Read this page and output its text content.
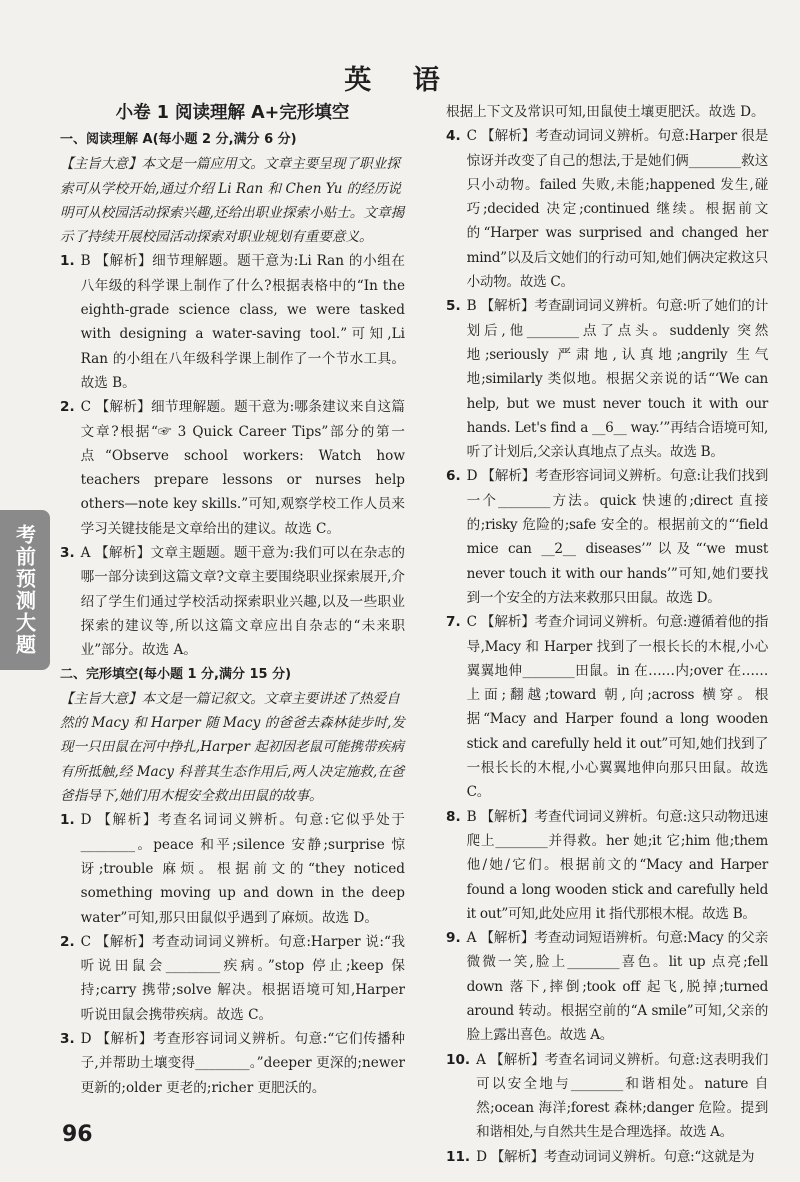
英 语
小卷 1 阅读理解 A+完形填空
一、阅读理解 A(每小题 2 分,满分 6 分)
【主旨大意】本文是一篇应用文。文章主要呈现了职业探索可从学校开始,通过介绍 Li Ran 和 Chen Yu 的经历说明可从校园活动探索兴趣,还给出职业探索小贴士。文章揭示了持续开展校园活动探索对职业规划有重要意义。
1. B 【解析】细节理解题。题干意为:Li Ran 的小组在八年级的科学课上制作了什么?根据表格中的“In the eighth-grade science class, we were tasked with designing a water-saving tool.”可知,Li Ran 的小组在八年级科学课上制作了一个节水工具。故选 B。
2. C 【解析】细节理解题。题干意为:哪条建议来自这篇文章?根据“☞ 3 Quick Career Tips”部分的第一点“Observe school workers: Watch how teachers prepare lessons or nurses help others—note key skills.”可知,观察学校工作人员来学习关键技能是文章给出的建议。故选 C。
3. A 【解析】文章主题题。题干意为:我们可以在杂志的哪一部分读到这篇文章?文章主要围绕职业探索展开,介绍了学生们通过学校活动探索职业兴趣,以及一些职业探索的建议等,所以这篇文章应出自杂志的“未来职业”部分。故选 A。
二、完形填空(每小题 1 分,满分 15 分)
【主旨大意】本文是一篇记叙文。文章主要讲述了热爱自然的 Macy 和 Harper 随 Macy 的爸爸去森林徒步时,发现一只田鼠在河中挣扎,Harper 起初因老鼠可能携带疾病有所抵触,经 Macy 科普其生态作用后,两人决定施救,在爸爸指导下,她们用木棍安全救出田鼠的故事。
1. D 【解析】考查名词词义辨析。句意:它似乎处于________。peace 和平;silence 安静;surprise 惊讶;trouble 麻烦。根据前文的“they noticed something moving up and down in the deep water”可知,那只田鼠似乎遇到了麻烦。故选 D。
2. C 【解析】考查动词词义辨析。句意:Harper 说:“我听说田鼠会________疾病。”stop 停止;keep 保持;carry 携带;solve 解决。根据语境可知,Harper 听说田鼠会携带疾病。故选 C。
3. D 【解析】考查形容词词义辨析。句意:“它们传播种子,并帮助土壤变得________。”deeper 更深的;newer 更新的;older 更老的;richer 更肥沃的。
根据上下文及常识可知,田鼠使土壤更肥沃。故选 D。
4. C 【解析】考查动词词义辨析。句意:Harper 很是惊讶并改变了自己的想法,于是她们俩________救这只小动物。failed 失败,未能;happened 发生,碰巧;decided 决定;continued 继续。根据前文的“Harper was surprised and changed her mind”以及后文她们的行动可知,她们俩决定救这只小动物。故选 C。
5. B 【解析】考查副词词义辨析。句意:听了她们的计划后,他________点了点头。suddenly 突然地;seriously 严肃地,认真地;angrily 生气地;similarly 类似地。根据父亲说的话“‘We can help, but we must never touch it with our hands. Let's find a __6__ way.’”再结合语境可知,听了计划后,父亲认真地点了点头。故选 B。
6. D 【解析】考查形容词词义辨析。句意:让我们找到一个________方法。quick 快速的;direct 直接的;risky 危险的;safe 安全的。根据前文的“‘field mice can __2__ diseases’”以及“‘we must never touch it with our hands’”可知,她们要找到一个安全的方法来救那只田鼠。故选 D。
7. C 【解析】考查介词词义辨析。句意:遵循着他的指导,Macy 和 Harper 找到了一根长长的木棍,小心翼翼地伸________田鼠。in 在……内;over 在……上面;翻越;toward 朝,向;across 横穿。根据“Macy and Harper found a long wooden stick and carefully held it out”可知,她们找到了一根长长的木棍,小心翼翼地伸向那只田鼠。故选 C。
8. B 【解析】考查代词词义辨析。句意:这只动物迅速爬上________并得救。her 她;it 它;him 他;them 他/她/它们。根据前文的“Macy and Harper found a long wooden stick and carefully held it out”可知,此处应用 it 指代那根木棍。故选 B。
9. A 【解析】考查动词短语辨析。句意:Macy 的父亲微微一笑,脸上________喜色。lit up 点亮;fell down 落下,摔倒;took off 起飞,脱掉;turned around 转动。根据空前的“A smile”可知,父亲的脸上露出喜色。故选 A。
10. A 【解析】考查名词词义辨析。句意:这表明我们可以安全地与________和谐相处。nature 自然;ocean 海洋;forest 森林;danger 危险。提到和谐相处,与自然共生是合理选择。故选 A。
11. D 【解析】考查动词词义辨析。句意:“这就是为
考前预测大题
96
